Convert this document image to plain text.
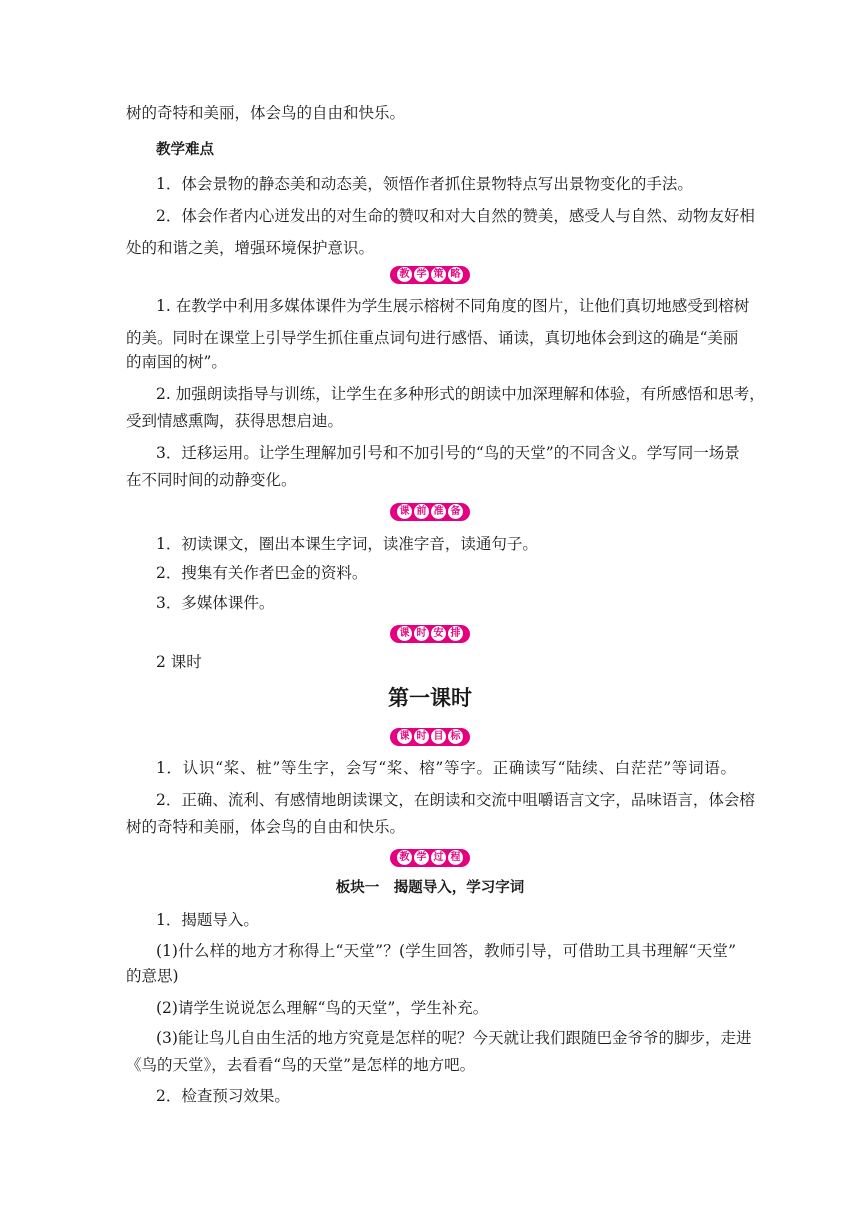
树的奇特和美丽，体会鸟的自由和快乐。
教学难点
1．体会景物的静态美和动态美，领悟作者抓住景物特点写出景物变化的手法。
2．体会作者内心迸发出的对生命的赞叹和对大自然的赞美，感受人与自然、动物友好相
处的和谐之美，增强环境保护意识。
教 学 策 略
1. 在教学中利用多媒体课件为学生展示榕树不同角度的图片，让他们真切地感受到榕树
的美。同时在课堂上引导学生抓住重点词句进行感悟、诵读，真切地体会到这的确是“美丽
的南国的树”。
2. 加强朗读指导与训练，让学生在多种形式的朗读中加深理解和体验，有所感悟和思考，
受到情感熏陶，获得思想启迪。
3．迁移运用。让学生理解加引号和不加引号的“鸟的天堂”的不同含义。学写同一场景
在不同时间的动静变化。
课 前 准 备
1．初读课文，圈出本课生字词，读准字音，读通句子。
2．搜集有关作者巴金的资料。
3．多媒体课件。
课 时 安 排
2 课时
第一课时
课 时 目 标
1．认识“桨、桩”等生字，会写“桨、榕”等字。正确读写“陆续、白茫茫”等词语。
2．正确、流利、有感情地朗读课文，在朗读和交流中咀嚼语言文字，品味语言，体会榕
树的奇特和美丽，体会鸟的自由和快乐。
教 学 过 程
板块一　揭题导入，学习字词
1．揭题导入。
(1)什么样的地方才称得上“天堂”？(学生回答，教师引导，可借助工具书理解“天堂”
的意思)
(2)请学生说说怎么理解“鸟的天堂”，学生补充。
(3)能让鸟儿自由生活的地方究竟是怎样的呢？今天就让我们跟随巴金爷爷的脚步，走进
《鸟的天堂》，去看看“鸟的天堂”是怎样的地方吧。
2．检查预习效果。
